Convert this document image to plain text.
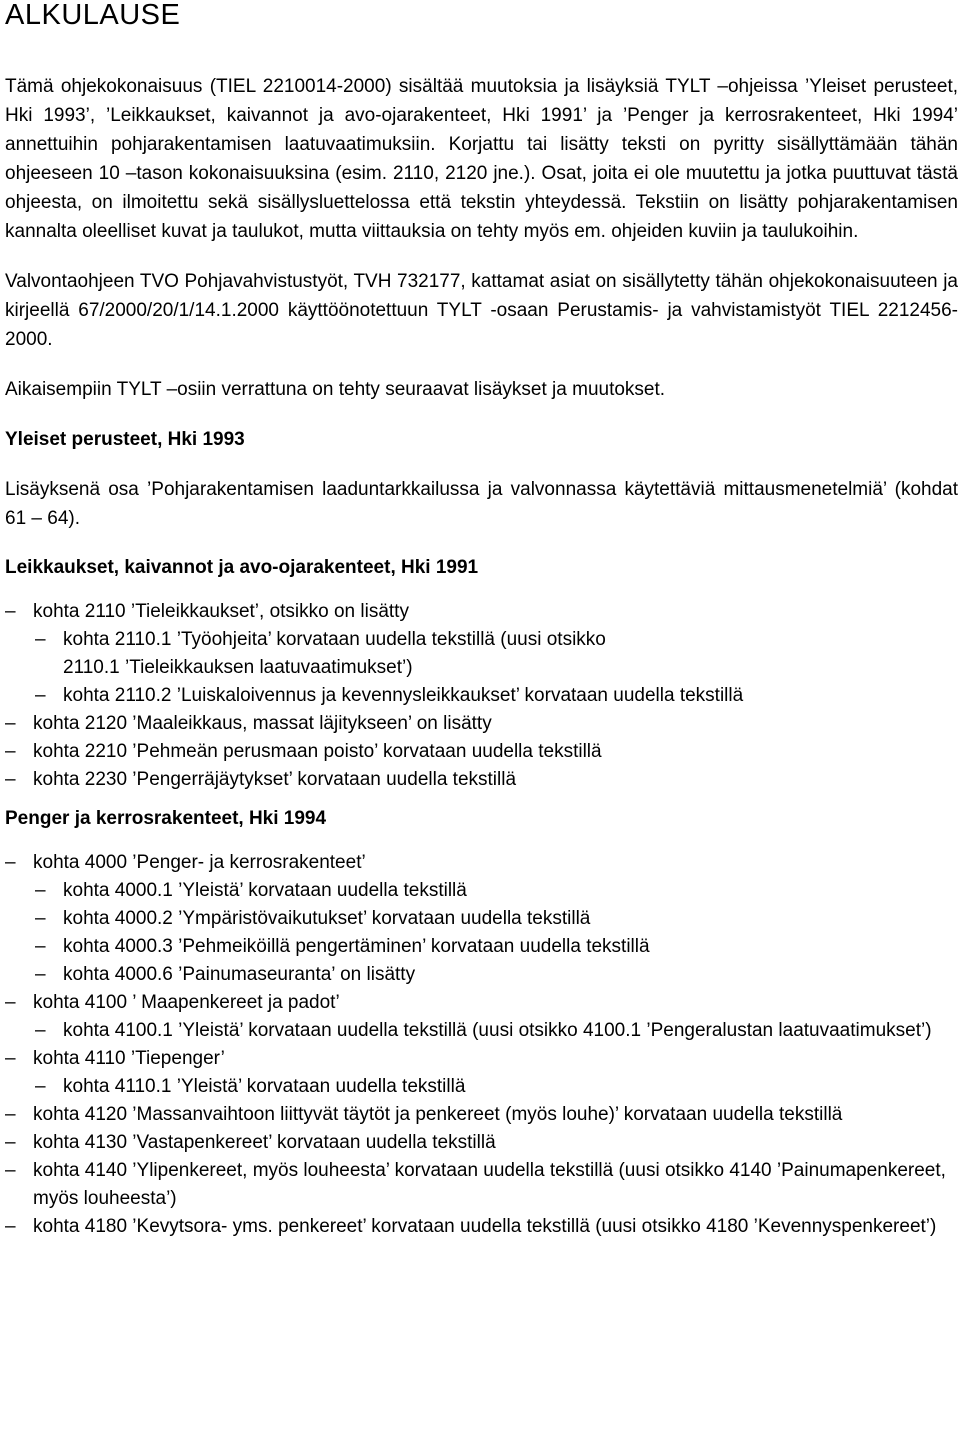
ALKULAUSE

Tämä ohjekokonaisuus (TIEL 2210014-2000) sisältää muutoksia ja lisäyksiä TYLT –ohjeissa ’Yleiset perusteet, Hki 1993’, ’Leikkaukset, kaivannot ja avo-ojarakenteet, Hki 1991’ ja ’Penger ja kerrosrakenteet, Hki 1994’ annettuihin pohjarakentamisen laatuvaatimuksiin. Korjattu tai lisätty teksti on pyritty sisällyttämään tähän ohjeeseen 10 –tason kokonaisuuksina (esim. 2110, 2120 jne.). Osat, joita ei ole muutettu ja jotka puuttuvat tästä ohjeesta, on ilmoitettu sekä sisällysluettelossa että tekstin yhteydessä. Tekstiin on lisätty pohjarakentamisen kannalta oleelliset kuvat ja taulukot, mutta viittauksia on tehty myös em. ohjeiden kuviin ja taulukoihin.

Valvontaohjeen TVO Pohjavahvistustyöt, TVH 732177, kattamat asiat on sisällytetty tähän ohjekokonaisuuteen ja kirjeellä 67/2000/20/1/14.1.2000 käyttöönotettuun TYLT -osaan Perustamis- ja vahvistamistyöt TIEL 2212456-2000.

Aikaisempiin TYLT –osiin verrattuna on tehty seuraavat lisäykset ja muutokset.

Yleiset perusteet, Hki 1993

Lisäyksenä osa ’Pohjarakentamisen laaduntarkkailussa ja valvonnassa käytettäviä mittausmenetelmiä’ (kohdat 61 – 64).

Leikkaukset, kaivannot ja avo-ojarakenteet, Hki 1991

– kohta 2110 ’Tieleikkaukset’, otsikko on lisätty
– kohta 2110.1 ’Työohjeita’ korvataan uudella tekstillä (uusi otsikko 2110.1 ’Tieleikkauksen laatuvaatimukset’)
– kohta 2110.2 ’Luiskaloivennus ja kevennysleikkaukset’ korvataan uudella tekstillä
– kohta 2120 ’Maaleikkaus, massat läjitykseen’ on lisätty
– kohta 2210 ’Pehmeän perusmaan poisto’ korvataan uudella tekstillä
– kohta 2230 ’Pengerräjäytykset’ korvataan uudella tekstillä

Penger ja kerrosrakenteet, Hki 1994

– kohta 4000 ’Penger- ja kerrosrakenteet’
– kohta 4000.1 ’Yleistä’ korvataan uudella tekstillä
– kohta 4000.2 ’Ympäristövaikutukset’ korvataan uudella tekstillä
– kohta 4000.3 ’Pehmeiköillä pengertäminen’ korvataan uudella tekstillä
– kohta 4000.6 ’Painumaseuranta’ on lisätty
– kohta 4100 ’ Maapenkereet ja padot’
– kohta 4100.1 ’Yleistä’ korvataan uudella tekstillä (uusi otsikko 4100.1 ’Pengeralustan laatuvaatimukset’)
– kohta 4110 ’Tiepenger’
– kohta 4110.1 ’Yleistä’ korvataan uudella tekstillä
– kohta 4120 ’Massanvaihtoon liittyvät täytöt ja penkereet (myös louhe)’ korvataan uudella tekstillä
– kohta 4130 ’Vastapenkereet’ korvataan uudella tekstillä
– kohta 4140 ’Ylipenkereet, myös louheesta’ korvataan uudella tekstillä (uusi otsikko 4140 ’Painumapenkereet, myös louheesta’)
– kohta 4180 ’Kevytsora- yms. penkereet’ korvataan uudella tekstillä (uusi otsikko 4180 ’Kevennyspenkereet’)
